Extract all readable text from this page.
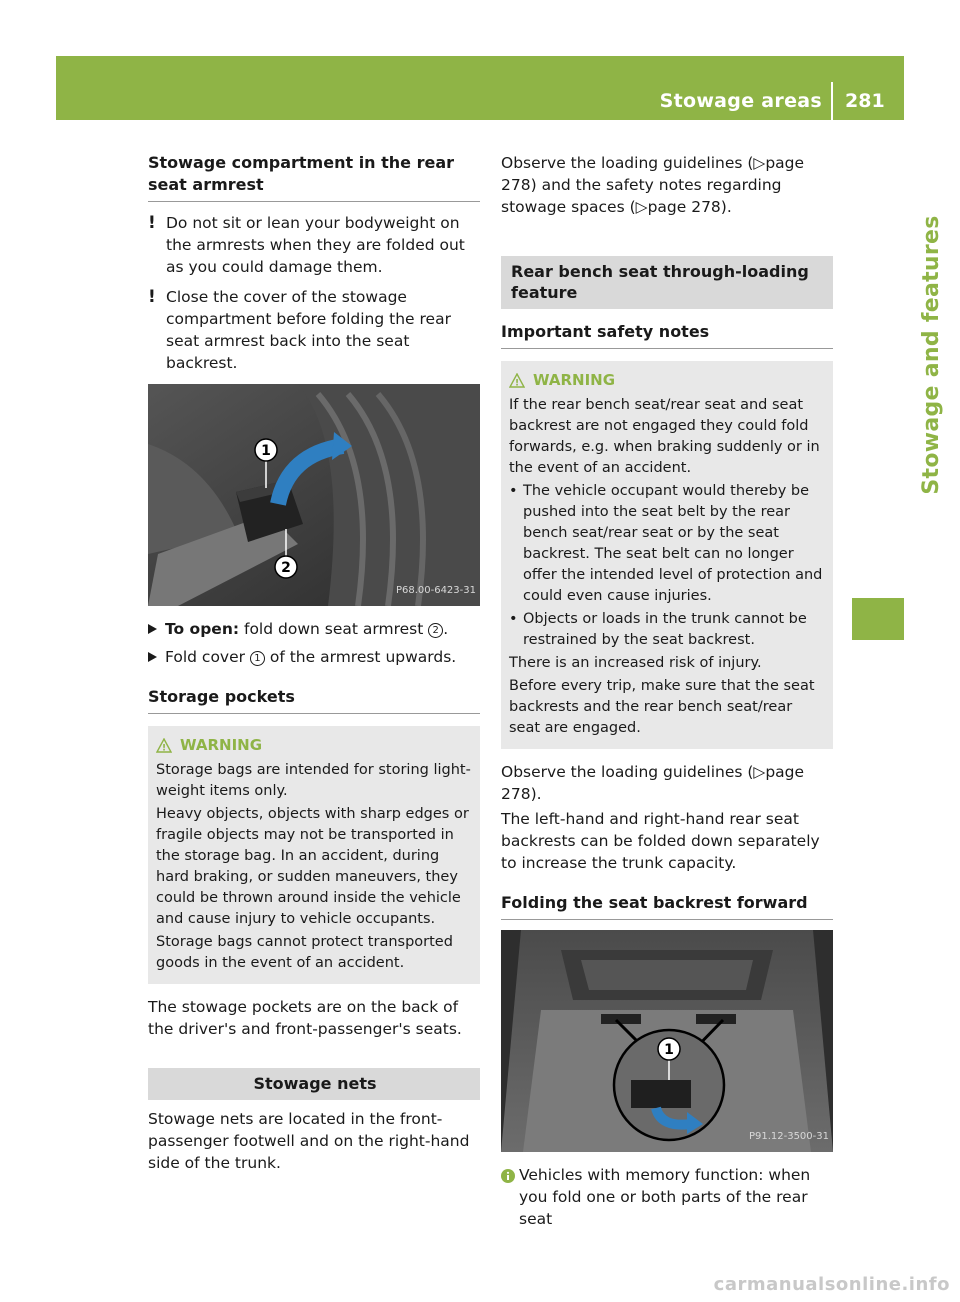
Stowage areas 281
Stowage and features
Stowage compartment in the rear seat armrest
! Do not sit or lean your bodyweight on the armrests when they are folded out as you could damage them.
! Close the cover of the stowage compartment before folding the rear seat armrest back into the seat backrest.
1
2
P68.00-6423-31
To open: fold down seat armrest 2 .
Fold cover 1 of the armrest upwards.
Storage pockets
! WARNING

Storage bags are intended for storing light-weight items only.

Heavy objects, objects with sharp edges or fragile objects may not be transported in the storage bag. In an accident, during hard braking, or sudden maneuvers, they could be thrown around inside the vehicle and cause injury to vehicle occupants.

Storage bags cannot protect transported goods in the event of an accident.

The stowage pockets are on the back of the driver's and front-passenger's seats.

Stowage nets

Stowage nets are located in the front-passenger footwell and on the right-hand side of the trunk.

Observe the loading guidelines (▷page 278) and the safety notes regarding stowage spaces (▷page 278).

Rear bench seat through-loading feature
Important safety notes
! WARNING

If the rear bench seat/rear seat and seat backrest are not engaged they could fold forwards, e.g. when braking suddenly or in the event of an accident.

• The vehicle occupant would thereby be pushed into the seat belt by the rear bench seat/rear seat or by the seat backrest. The seat belt can no longer offer the intended level of protection and could even cause injuries.
• Objects or loads in the trunk cannot be restrained by the seat backrest.

There is an increased risk of injury.

Before every trip, make sure that the seat backrests and the rear bench seat/rear seat are engaged.

Observe the loading guidelines (▷page 278).

The left-hand and right-hand rear seat backrests can be folded down separately to increase the trunk capacity.

Folding the seat backrest forward
1
P91.12-3500-31
Vehicles with memory function: when you fold one or both parts of the rear seat
carmanualsonline.info
